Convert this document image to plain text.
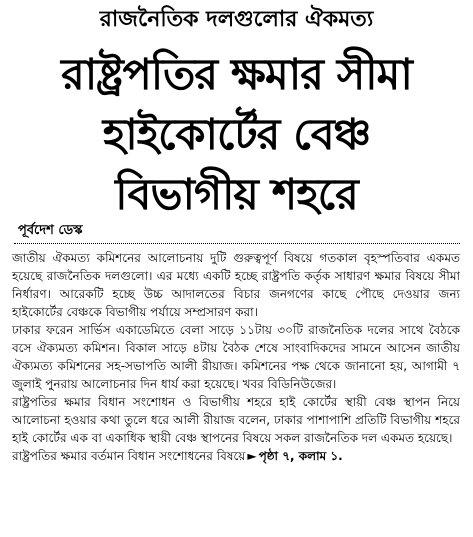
রাজনৈতিক দলগুলোর ঐকমত্য
রাষ্ট্রপতির ক্ষমার সীমা
হাইকোর্টের বেঞ্চ
বিভাগীয় শহরে
পূর্বদেশ ডেস্ক

জাতীয় ঐকমত্য কমিশনের আলোচনায় দুটি গুরুত্বপূর্ণ বিষয়ে গতকাল বৃহস্পতিবার একমত হয়েছে রাজনৈতিক দলগুলো। এর মধ্যে একটি হচ্ছে রাষ্ট্রপতি কর্তৃক সাধারণ ক্ষমার বিষয়ে সীমা নির্ধারণ। আরেকটি হচ্ছে উচ্চ আদালতের বিচার জনগণের কাছে পৌছে দেওয়ার জন্য হাইকোর্টের বেঞ্চকে বিভাগীয় পর্যায়ে সম্প্রসারণ করা।

ঢাকার ফরেন সার্ভিস একাডেমিতে বেলা সাড়ে ১১টায় ৩০টি রাজনৈতিক দলের সাথে বৈঠকে বসে ঐক্যমত্য কমিশন। বিকাল সাড়ে ৪টায় বৈঠক শেষে সাংবাদিকদের সামনে আসেন জাতীয় ঐক্যমত্য কমিশনের সহ-সভাপতি আলী রীয়াজ। কমিশনের পক্ষ থেকে জানানো হয়, আগামী ৭ জুলাই পুনরায় আলোচনার দিন ধার্য করা হয়েছে। খবর বিডিনিউজের।

রাষ্ট্রপতির ক্ষমার বিধান সংশোধন ও বিভাগীয় শহরে হাই কোর্টের স্থায়ী বেঞ্চ স্থাপন নিয়ে আলোচনা হওয়ার কথা তুলে ধরে আলী রীয়াজ বলেন, ঢাকার পাশাপাশি প্রতিটি বিভাগীয় শহরে হাই কোর্টের এক বা একাধিক স্থায়ী বেঞ্চ স্থাপনের বিষয়ে সকল রাজনৈতিক দল একমত হয়েছে।

রাষ্ট্রপতির ক্ষমার বর্তমান বিধান সংশোধনের বিষয়ে ► পৃষ্ঠা ৭, কলাম ১.
